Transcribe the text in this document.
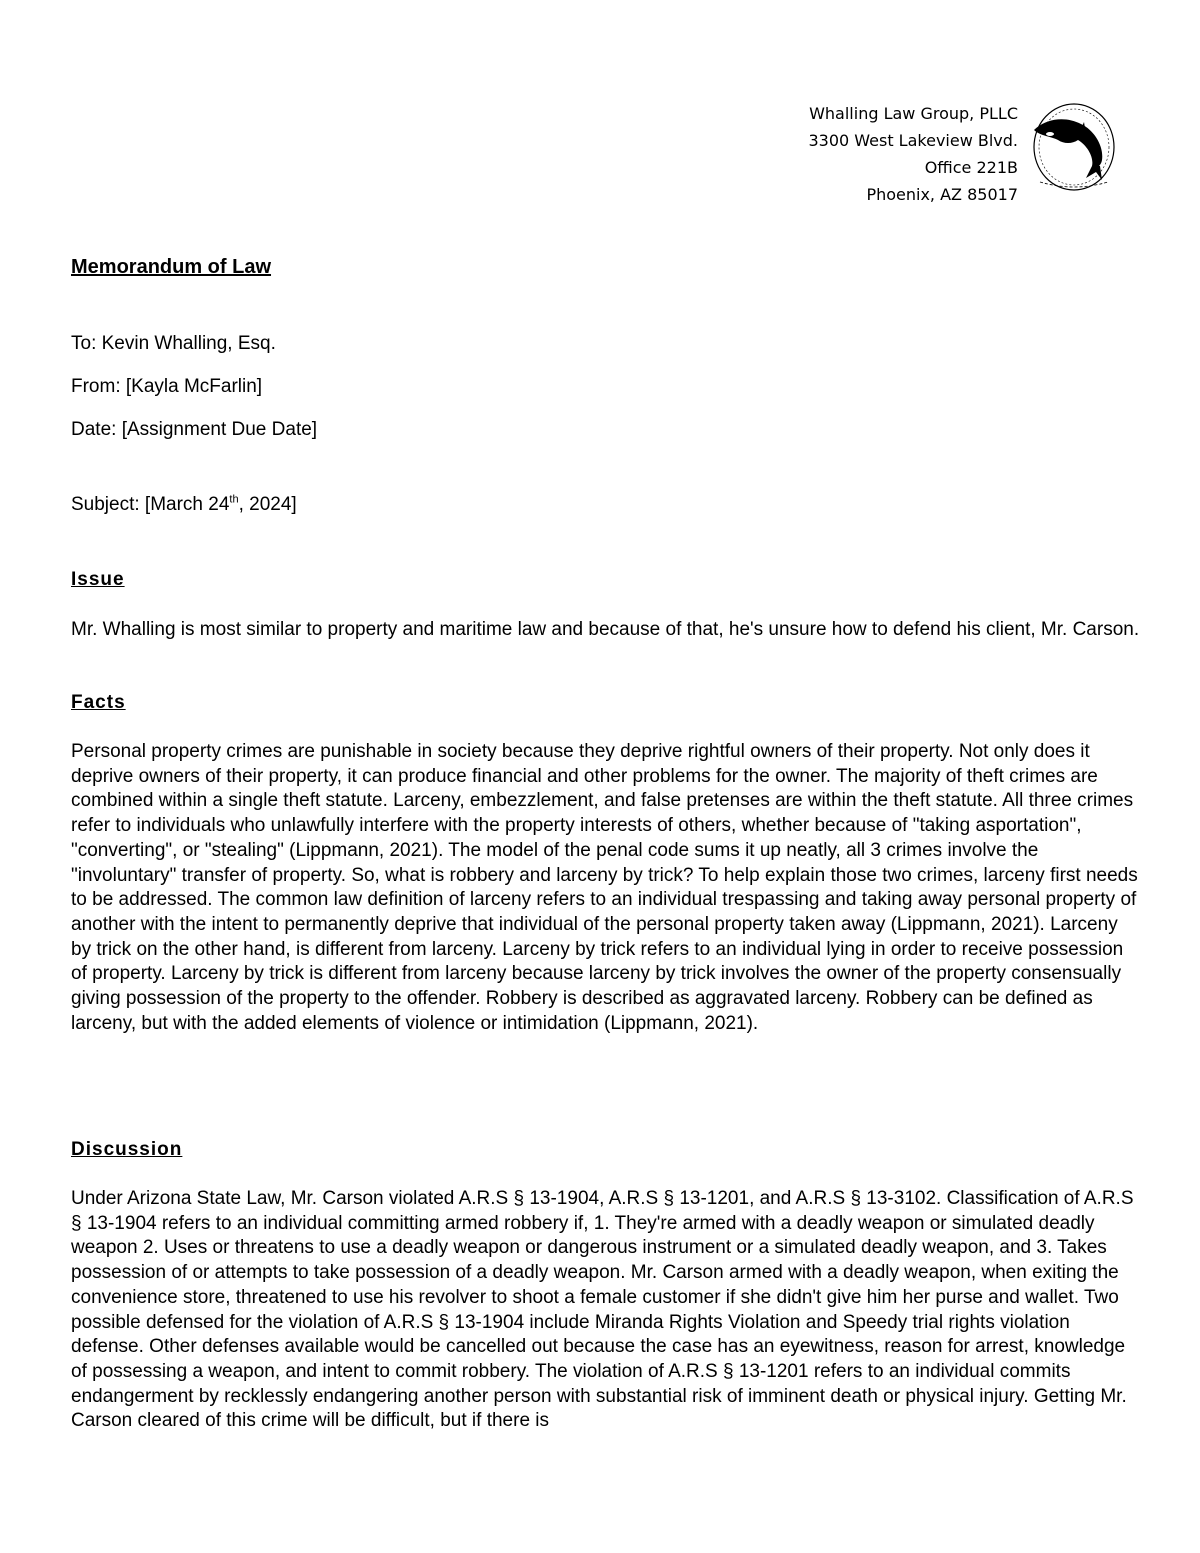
Whalling Law Group, PLLC
3300 West Lakeview Blvd.
Office 221B
Phoenix, AZ 85017
Memorandum of Law
To: Kevin Whalling, Esq.
From: [Kayla McFarlin]
Date: [Assignment Due Date]
Subject: [March 24th, 2024]
Issue

Mr. Whalling is most similar to property and maritime law and because of that, he's unsure how to defend his client, Mr. Carson.

Facts

Personal property crimes are punishable in society because they deprive rightful owners of their property. Not only does it deprive owners of their property, it can produce financial and other problems for the owner. The majority of theft crimes are combined within a single theft statute. Larceny, embezzlement, and false pretenses are within the theft statute. All three crimes refer to individuals who unlawfully interfere with the property interests of others, whether because of "taking asportation", "converting", or "stealing" (Lippmann, 2021). The model of the penal code sums it up neatly, all 3 crimes involve the "involuntary" transfer of property. So, what is robbery and larceny by trick? To help explain those two crimes, larceny first needs to be addressed. The common law definition of larceny refers to an individual trespassing and taking away personal property of another with the intent to permanently deprive that individual of the personal property taken away (Lippmann, 2021). Larceny by trick on the other hand, is different from larceny. Larceny by trick refers to an individual lying in order to receive possession of property. Larceny by trick is different from larceny because larceny by trick involves the owner of the property consensually giving possession of the property to the offender. Robbery is described as aggravated larceny. Robbery can be defined as larceny, but with the added elements of violence or intimidation (Lippmann, 2021).

Discussion

Under Arizona State Law, Mr. Carson violated A.R.S § 13-1904, A.R.S § 13-1201, and A.R.S § 13-3102. Classification of A.R.S § 13-1904 refers to an individual committing armed robbery if, 1. They're armed with a deadly weapon or simulated deadly weapon 2. Uses or threatens to use a deadly weapon or dangerous instrument or a simulated deadly weapon, and 3. Takes possession of or attempts to take possession of a deadly weapon. Mr. Carson armed with a deadly weapon, when exiting the convenience store, threatened to use his revolver to shoot a female customer if she didn't give him her purse and wallet. Two possible defensed for the violation of A.R.S § 13-1904 include Miranda Rights Violation and Speedy trial rights violation defense. Other defenses available would be cancelled out because the case has an eyewitness, reason for arrest, knowledge of possessing a weapon, and intent to commit robbery. The violation of A.R.S § 13-1201 refers to an individual commits endangerment by recklessly endangering another person with substantial risk of imminent death or physical injury. Getting Mr. Carson cleared of this crime will be difficult, but if there is
